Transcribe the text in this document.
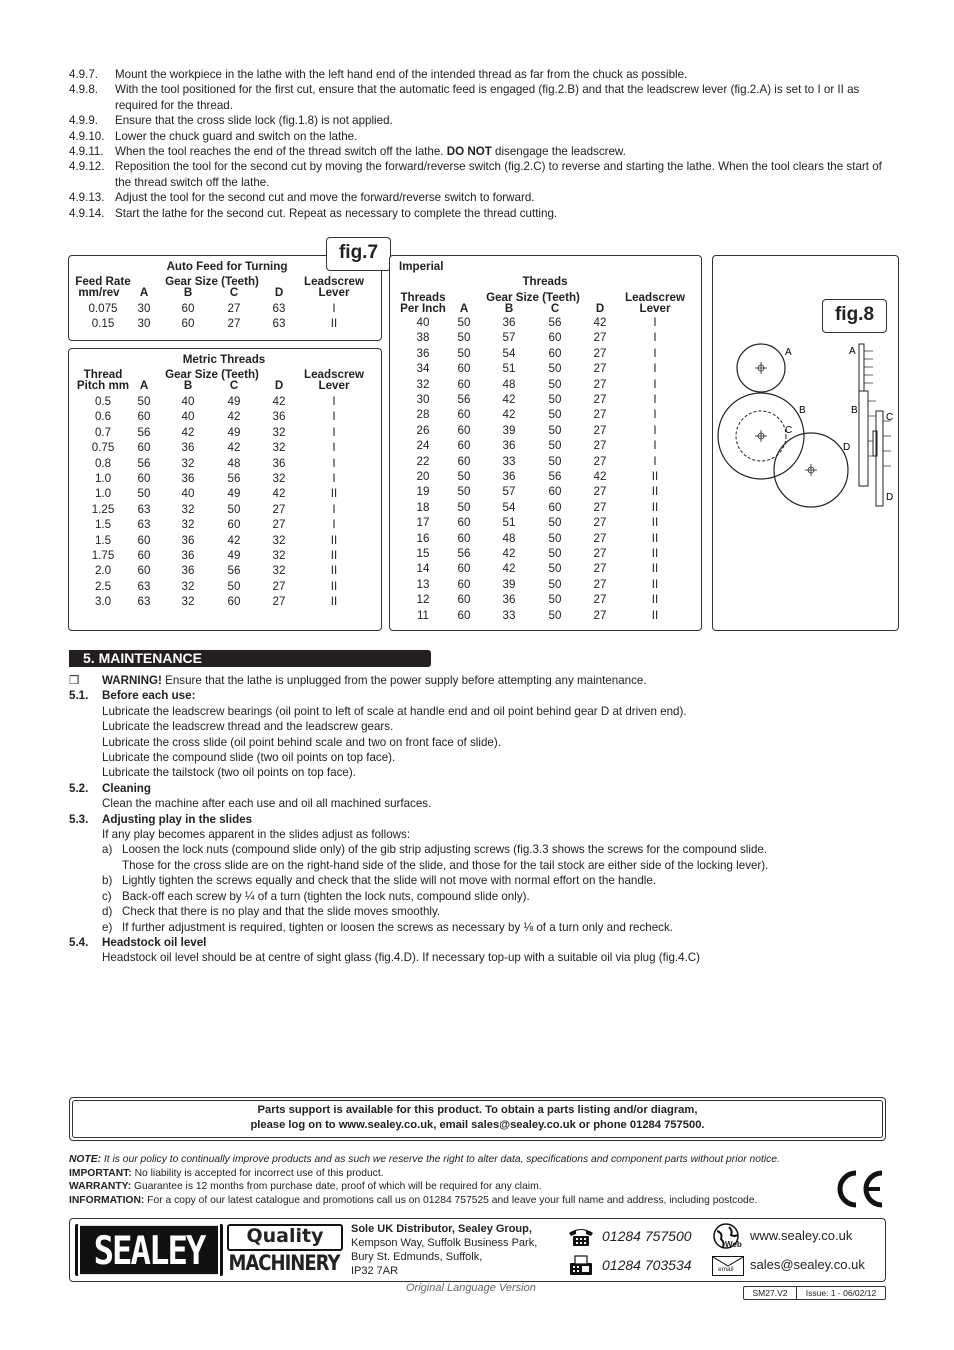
4.9.7.	Mount the workpiece in the lathe with the left hand end of the intended thread as far from the chuck as possible.
4.9.8.	With the tool positioned for the first cut, ensure that the automatic feed is engaged (fig.2.B) and that the leadscrew lever (fig.2.A) is set to I or II as required for the thread.
4.9.9.	Ensure that the cross slide lock (fig.1.8) is not applied.
4.9.10. Lower the chuck guard and switch on the lathe.
4.9.11. When the tool reaches the end of the thread switch off the lathe. DO NOT disengage the leadscrew.
4.9.12. Reposition the tool for the second cut by moving the forward/reverse switch (fig.2.C) to reverse and starting the lathe. When the tool clears the start of the thread switch off the lathe.
4.9.13. Adjust the tool for the second cut and move the forward/reverse switch to forward.
4.9.14. Start the lathe for the second cut. Repeat as necessary to complete the thread cutting.
Auto Feed for Turning
Gear Size (Teeth)
Feed Rate
mm/rev	A	B	C	D
Leadscrew
Lever
0.075	30	60	27	63	I
0.15	30	60	27	63	II
Metric Threads
Gear Size (Teeth)
Thread
Pitch mm A	B	C	D
Leadscrew
Lever
0.5	50	40	49	42	I
0.6	60	40	42	36	I
0.7	56	42	49	32	I
0.75	60	36	42	32	I
0.8	56	32	48	36	I
1.0	60	36	56	32	I
1.0	50	40	49	42	II
1.25	63	32	50	27	I
1.5	63	32	60	27	I
1.5	60	36	42	32	II
1.75	60	36	49	32	II
2.0	60	36	56	32	II
2.5	63	32	50	27	II
3.0	63	32	60	27	II
fig.7
Imperial
Threads
Gear Size (Teeth)
Threads
Per Inch	A	B	C	D
Leadscrew
Lever
40	50	36	56	42	I
38	50	57	60	27	I
36	50	54	60	27	I
34	60	51	50	27	I
32	60	48	50	27	I
30	56	42	50	27	I
28	60	42	50	27	I
26	60	39	50	27	I
24	60	36	50	27	I
22	60	33	50	27	I
20	50	36	56	42	II
19	50	57	60	27	II
18	50	54	60	27	II
17	60	51	50	27	II
16	60	48	50	27	II
15	56	42	50	27	II
14	60	42	50	27	II
13	60	39	50	27	II
12	60	36	50	27	II
11	60	33	50	27	II
A
B
C
D
A
B
C
D
fig.8
5. MAINTENANCE
❒ WARNING! Ensure that the lathe is unplugged from the power supply before attempting any maintenance.
5.1. Before each use:
Lubricate the leadscrew bearings (oil point to left of scale at handle end and oil point behind gear D at driven end).
Lubricate the leadscrew thread and the leadscrew gears.
Lubricate the cross slide (oil point behind scale and two on front face of slide).
Lubricate the compound slide (two oil points on top face).
Lubricate the tailstock (two oil points on top face).
5.2. Cleaning
Clean the machine after each use and oil all machined surfaces.
5.3. Adjusting play in the slides
If any play becomes apparent in the slides adjust as follows:
a) Loosen the lock nuts (compound slide only) of the gib strip adjusting screws (fig.3.3 shows the screws for the compound slide.
Those for the cross slide are on the right-hand side of the slide, and those for the tail stock are either side of the locking lever).
b) Lightly tighten the screws equally and check that the slide will not move with normal effort on the handle.
c) Back-off each screw by ¼ of a turn (tighten the lock nuts, compound slide only).
d) Check that there is no play and that the slide moves smoothly.
e) If further adjustment is required, tighten or loosen the screws as necessary by ⅛ of a turn only and recheck.
5.4. Headstock oil level
Headstock oil level should be at centre of sight glass (fig.4.D). If necessary top-up with a suitable oil via plug (fig.4.C)
Parts support is available for this product. To obtain a parts listing and/or diagram,
please log on to www.sealey.co.uk, email sales@sealey.co.uk or phone 01284 757500.
NOTE: It is our policy to continually improve products and as such we reserve the right to alter data, specifications and component parts without prior notice.
IMPORTANT: No liability is accepted for incorrect use of this product.
WARRANTY: Guarantee is 12 months from purchase date, proof of which will be required for any claim.
INFORMATION: For a copy of our latest catalogue and promotions call us on 01284 757525 and leave your full name and address, including postcode.
SEALEY	Quality
MACHINERY
Sole UK Distributor, Sealey Group,
Kempson Way, Suffolk Business Park,
Bury St. Edmunds, Suffolk,
IP32 7AR
01284 757500
01284 703534
Web
www.sealey.co.uk
email sales@sealey.co.uk
Original Language Version	SM27.V2	Issue: 1 - 06/02/12
